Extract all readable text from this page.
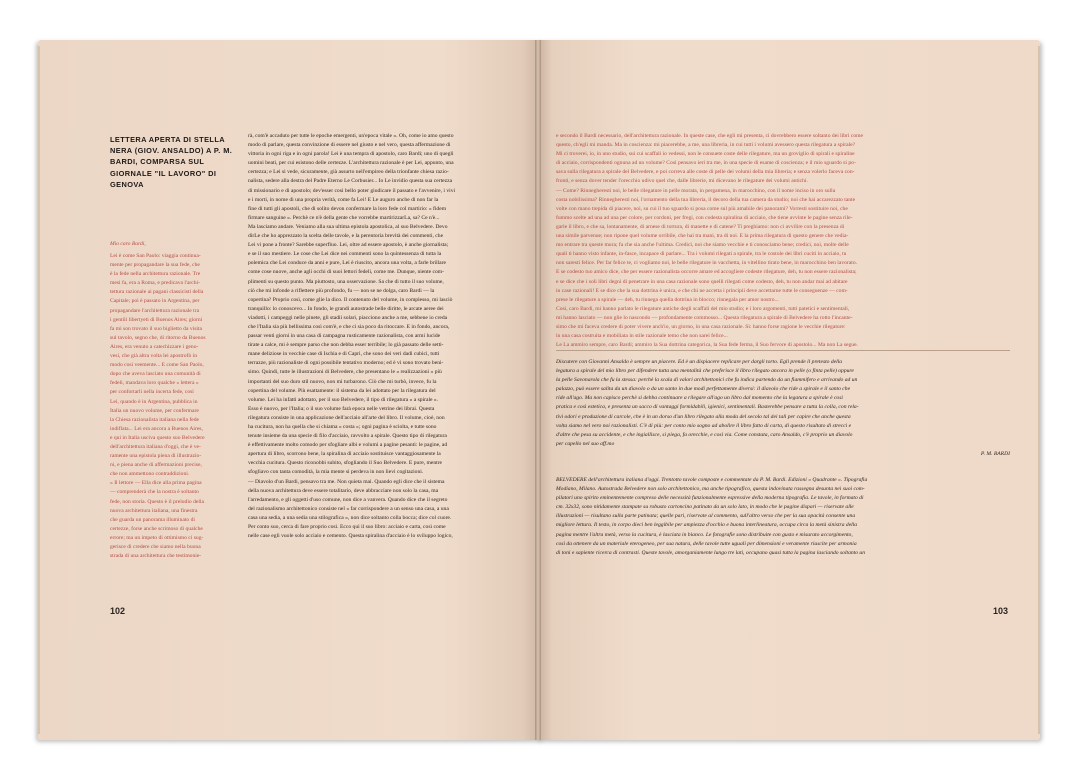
LETTERA APERTA DI STELLA NERA (GIOV. ANSALDO) A P. M. BARDI, COMPARSA SUL GIORNALE "IL LAVORO" DI GENOVA
Mio caro Bardi,
Lei è come San Paolo: viaggia continua-
mente per propagandare la sua fede, che
è la fede nella architettura razionale. Tre
mesi fa, era a Roma, e predicava l'archi-
tettura razionale ai pagani classicisti della
Capitale; poi è passato in Argentina, per
propagandare l'architettura razionale tra
i gentili libertyeti di Buenos Aires; giorni
fa mi son trovato il suo biglietto da visita
sul tavolo, segno che, di ritorno da Buenos
Aires, era venuto a catechizzare i geno-
vesi, che già altra volta lei apostrofò in
modo così veemente... E come San Paolo,
dopo che aveva lasciato una comunità di
fedeli, mandava loro qualche « lettera »
per confortarli nella incerta fede, così
Lei, quando è in Argentina, pubblica in
Italia un nuovo volume, per confermare
la Chiesa razionalista italiana nella fede
indiflata... Lei era ancora a Buenos Aires,
e qui in Italia usciva questo suo Belvedere
dell'architettura italiana d'oggi, che è ve-
ramente una epistola piena di illustrazio-
ni, e piena anche di affermazioni precise,
che non ammettono contraddizioni.
« Il lettore — Ella dice alla prima pagina
— comprenderà che la nostra è soltanto
fede, non storia. Questo è il preludio della
nuova architettura italiana, una finestra
che guarda un panorama illuminato di
certezze, forse anche scrimoso di qualche
errore; ma un impeto di ottimismo ci sug-
gerisce di credere che siamo nella buona
strada di una architettura che testimonie-
rà, com'è accaduto per tutte le epoche emergenti, un'epoca vitale ». Oh, come io amo questo
modo di parlare, questa convinzione di essere nel giusto e nel vero, questa affermazione di
vittoria in ogni riga e in ogni parola! Lei è una tempra di apostolo, caro Bardi; uno di quegli
uomini beati, per cui esistono delle certezze. L'architettura razionale è per Lei, appunto, una
certezza; e Lei si vede, sicuramente, già assurto nell'empireo della trionfante chiesa razio-
nalista, sedere alla destra del Padre Eterno Le Corbusier... Io Le invidio questa sua certezza
di missionario e di apostolo; dev'esser così bello poter giudicare il passato e l'avvenire, i vivi
e i morti, in nome di una propria verità, come fa Lei! E Le auguro anche di non far la
fine di tutti gli apostoli, che di solito devon confermare la loro fede col martirio: « fidem
firmare sanguine ». Perchè ce n'è della gente che vorrebbe martirizzarLa, sa? Ce n'è...
Ma lasciamo andare. Veniamo alla sua ultima epistola apostolica, al suo Belvedere. Devo
dirLe che ho apprezzato la scelta delle tavole, e la perentoria brevità dei commenti, che
Lei vi pone a fronte? Sarebbe superfluo. Lei, oltre ad essere apostolo, è anche giornalista;
e se il suo mestiere. Le cose che Lei dice nei commenti sono la quintessenza di tutta la
polemica che Lei conduce da anni e pure, Lei è riuscito, ancora una volta, a farle brillare
come cose nuove, anche agli occhi di suoi lettori fedeli, come me. Dunque, niente com-
plimenti su questo punto. Ma piuttosto, una osservazione. Sa che di tutto il suo volume,
ciò che mi infonde a riflettere più profondo, fu — non se ne dolga, caro Bardi — la
copertina? Proprio così, come glie la dico. Il contenuto del volume, in complesso, mi lasciò
tranquillo: lo conoscevo... In fondo, le grandi autostrade belle diritte, le arcate aeree dei
viadotti, i campeggi nelle pinete, gli stadii solari, piacciono anche a me, sebbene io creda
che l'Italia sia più bellissima così com'è, e che ci sia poco da ritoccare. E in fondo, ancora,
passar venti giorni in una casa di campagna rusticamente razionalista, con armi lucide
tirate a calce, mi è sempre parso che non debba esser terribile; lo già passato delle setti-
mane deliziose in vecchie case di Ischia e di Capri, che sono dei veri dadi cubici, tutti
terrazze, più razionaliste di ogni possibile tentativo moderno; ed è vi sono trovato beni-
simo. Quindi, tutte le illustrazioni di Belvedere, che presentano le « realizzazioni » più
importanti del suo duro stil nuovo, non mi turbarono. Ciò che mi turbò, invece, fu la
copertina del volume. Più esattamente: il sistema da lei adottato per la rilegatura del
volume. Lei ha infatti adottato, per il suo Belvedere, il tipo di rilegatura « a spirale ».
Esso è nuovo, per l'Italia; o il suo volume farà epoca nelle vetrine dei librai. Questa
rilegatura consiste in una applicazione dell'acciaio all'arte del libro. Il volume, cioè, non
ha cucitura, non ha quella che si chiama « costa »; ogni pagina è sciolta, e tutte sono
tenute insieme da una specie di filo d'acciaio, ravvolto a spirale. Questo tipo di rilegatura
è effettivamente molto comodo per sfogliare albi e volumi a pagine pesanti: le pagine, ad
apertura di libro, scorrono bene, la spiralina di acciaio sostituisce vantaggiosamente la
vecchia cucitura. Questo riconobbi subito, sfogliando il Suo Belvedere. E pure, mentre
sfogliavo con tanta comodità, la mia mente si perdeva in non lievi cogitazioni.
— Diavolo d'un Bardi, pensavo tra me. Non quieta mai. Quando egli dice che il sistema
della nuova architettura deve essere totalitario, deve abbracciare non solo la casa, ma
l'arredamento, e gli oggetti d'uso comune, non dice a vanvera. Quando dice che il segreto
del razionalismo architettonico consiste nel « far corrispondere a un senso una casa, a una
casa una sedia, a una sedia una stilografica », non dice soltanto colla bocca; dice col cuore.
Per conto suo, cerca di fare proprio così. Ecco qui il suo libro: acciaio e carta, così come
nelle case egli vuole solo acciaio e cemento. Questa spiralina d'acciaio è lo sviluppo logico,
102
e secondo il Bardi necessario, dell'architettura razionale. In queste case, che egli mi presenta, ci dovrebbero essere soltanto dei libri come
questo, ch'egli mi manda. Ma in coscienza: mi piacerebbe, a me, una libreria, in cui tutti i volumi avessero questa rilegatura a spirale?
Mi ci troverei, io, in uno studio, sui cui scaffali io vedessi, non le consuete coste delle rilegature, ma un groviglio di spirali e spiraline
di acciaio, corrispondenti ognuna ad un volume? Così pensavo ieri tra me, in una specie di esame di coscienza; e il mio sguardo si po-
sava sulla rilegatura a spirale del Belvedere, e poi correva alle coste di pelle dei volumi della mia libreria; e senza volerlo faceva con-
fronti, e senza dover tender l'orecchio udivo quel che, dalle librerie, mi dicevano le rilegature dei volumi antichi.
— Come? Rinnegheresti noi, le belle rilegature in pelle morata, in pergamena, in marocchino, con il nome inciso in oro sulla
costa nobilissima? Rinnegheresti noi, l'ornamento della tua libreria, il decoro della tua camera da studio; noi che hai accarezzato tante
volte con mano trepida di piacere, noi, su cui il tuo sguardo si posa come sul più amabile dei panorami? Vorresti sostituire noi, che
fummo scelte ad una ad una per colore, per cordoni, per fregi, con codesta spiralina di acciaio, che tiene avvinte le pagine senza rile-
garle il libro, e che sa, lontanamente, di arnese di tortura, di manette e di catene? Ti preghiamo: non ci avvilire con la presenza di
una simile parvenue; non ripone quel volume orribile, che hai tra mani, tra di noi. E la prima rilegatura di questo genere che vedia-
mo entrare tra queste mura; fa che sia anche l'ultima. Credici, noi che siamo vecchie e ti conosciamo bene; credici, noi, molte delle
quali ti hanno visto infante, in-fasce, incapace di parlare... Tra i volumi rilegati a spirale, tra le costole dei libri cuciti in acciaio, tu
non saresti felice. Per far felice te, ci vogliamo noi, le belle rilegature in vacchetta, in vitellino tirato bene, in marocchino ben lavorato.
E se codesto tuo amico dice, che per essere razionalista occorre amare ed accogliere codeste rilegature, deh, tu non essere razionalista;
e se dice che i soli libri degni di penetrare in una casa razionale sono quelli rilegati come codesto, deh, tu non andar mai ad abitare
in case razionali! E se dice che la sua dottrina è unica, e che chi ne accetta i principii deve accettarne tutte le conseguenze — com-
prese le rilegature a spirale — deh, tu rinnega quella dottrina in blocco; rinnegala per amor nostro...
Così, caro Bardi, mi hanno parlato le rilegature antiche degli scaffali del mio studio; e i loro argomenti, tutti patetici e sentimentali,
mi hanno lasciato — non glie lo nascondo — profondamente commosso... Questa rilegatura a spirale di Belvedere ha rotto l'incante-
simo che mi faceva credere di poter vivere anch'io, un giorno, in una casa razionale. Sì: hanno forse ragione le vecchie rilegature:
in una casa costruita e mobiliata in stile razionale temo che non sarei felice...
Le La ammiro sempre, caro Bardi; ammiro la Sua dottrina categorica, la Sua fede ferma, il Suo fervore di apostolo... Ma non La segue.
Discutere con Giovanni Ansaldo è sempre un piacere. Ed è un dispiacere replicare per dargli torto. Egli prende il pretesto della
legatura a spirale del mio libro per difendere tutta una mentalità che preferisce il libro rilegato ancora in pelle (o finta pelle) oppure
la pelle Savonarola che fu la stessa: perchè la scala di valori architettonici che fu indica partendo da un fiammifero e arrivando ad un
palazzo, può essere salita da un diavolo o da un santo in due modi perfettamente diversi: il diavolo che ride a spirale e il santo che
ride all'ago. Ma non capisco perchè si debba continuare a rilegare all'ago un libro dal momento che la legatura a spirale è così
pratica e così estetica, e presenta un sacco di vantaggi formidabili, igienici, sentimentali. Basterebbe pensare a tutta la colla, con rela-
tivi odori e produzione di carcole, che è in un dorso d'un libro rilegato alla moda del secolo tal dei tali per capire che anche questa
volta siamo nel vero noi razionalisti. C'è di più: per conto mio sogno ad abolire il libro fatto di carta, di questo risultato di strecci e
d'altre che pesa su accidente, e che ingiallisce, si piega, fa orecchie, e così via. Come constata, caro Ansaldo, c'è proprio un diavolo
per capello nel suo aff.mo
P. M. BARDI
BELVEDERE dell'architettura italiana d'oggi. Trentotto tavole composte e commentate da P. M. Bardi. Edizioni « Quadrante ». Tipografia
Modiano, Milano. Autostrada Belvedere non solo architettonico, ma anche tipografico, questa indovinata rassegna desunta nei suoi com-
pilatori uno spirito eminentemente compreso delle necessità funzionalmente espressive della moderna tipografia. Le tavole, in formato di
cm. 32x32, sono nitidamente stampate su robusto cartoncino patinato da un solo lato, in modo che le pagine dispari — riservate alle
illustrazioni — risultano sulla parte patinata; quelle pari, riservate al commento, sull'altro verso che per la sua opacità consente una
migliore lettura. Il testo, in corpo dieci ben leggibile per ampiezza d'occhio e buona interlineatura, occupa circa la metà sinistra della
pagina mentre l'altra metà, verso la cucitura, è lasciata in bianco. Le fotografie sono distribuite con gusto e misurato accorgimento,
così da ottenere da un materiale eterogeneo, per sua natura, delle tavole tutte uguali per dimensioni e veramente riuscite per armonia
di toni e sapiente ricerca di contrasti. Queste tavole, amorganiamente lungo tre lati, occupano quasi tutta la pagina lasciando soltanto un
103
